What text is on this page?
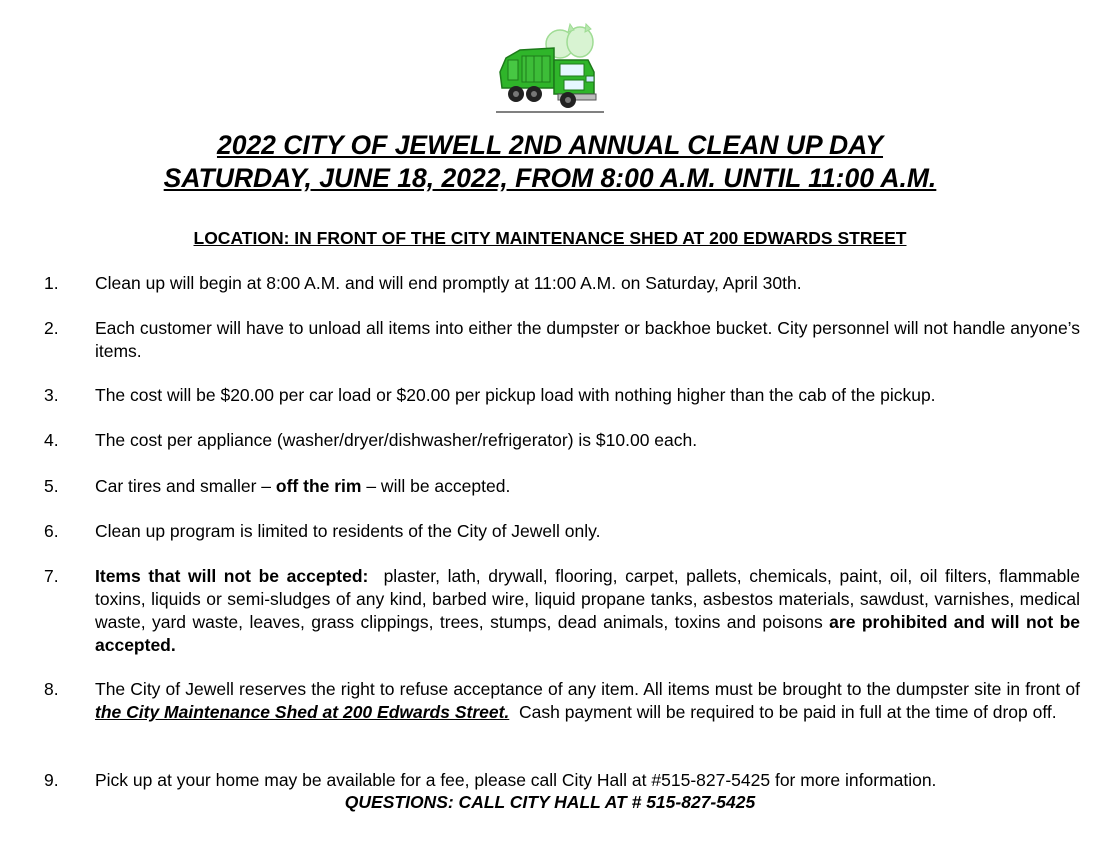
2022 CITY OF JEWELL 2ND ANNUAL CLEAN UP DAY
SATURDAY, JUNE 18, 2022, FROM 8:00 A.M. UNTIL 11:00 A.M.
LOCATION: IN FRONT OF THE CITY MAINTENANCE SHED AT 200 EDWARDS STREET
1. Clean up will begin at 8:00 A.M. and will end promptly at 11:00 A.M. on Saturday, April 30th.
2. Each customer will have to unload all items into either the dumpster or backhoe bucket. City personnel will not handle anyone’s items.
3. The cost will be $20.00 per car load or $20.00 per pickup load with nothing higher than the cab of the pickup.
4. The cost per appliance (washer/dryer/dishwasher/refrigerator) is $10.00 each.
5. Car tires and smaller – off the rim – will be accepted.
6. Clean up program is limited to residents of the City of Jewell only.
7. Items that will not be accepted:  plaster, lath, drywall, flooring, carpet, pallets, chemicals, paint, oil, oil filters, flammable toxins, liquids or semi-sludges of any kind, barbed wire, liquid propane tanks, asbestos materials, sawdust, varnishes, medical waste, yard waste, leaves, grass clippings, trees, stumps, dead animals, toxins and poisons are prohibited and will not be accepted.
8. The City of Jewell reserves the right to refuse acceptance of any item. All items must be brought to the dumpster site in front of the City Maintenance Shed at 200 Edwards Street.  Cash payment will be required to be paid in full at the time of drop off.
9. Pick up at your home may be available for a fee, please call City Hall at #515-827-5425 for more information.
QUESTIONS: CALL CITY HALL AT # 515-827-5425
